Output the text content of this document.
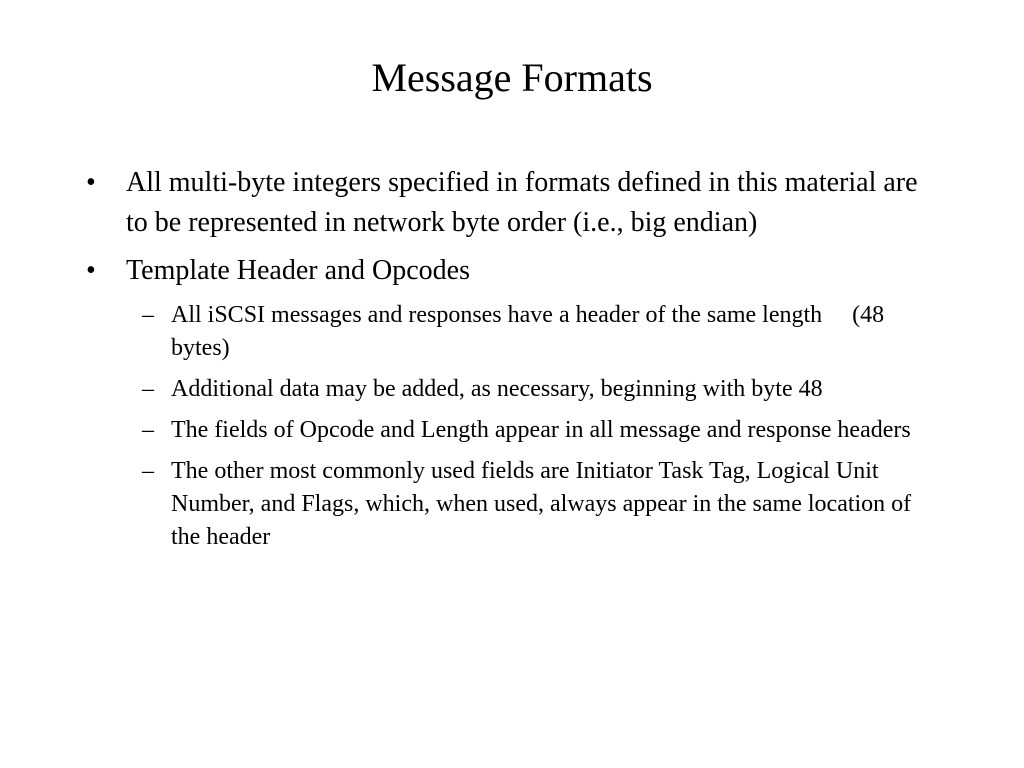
Message Formats
• All multi-byte integers specified in formats defined in this material are to be represented in network byte order (i.e., big endian)
• Template Header and Opcodes
– All iSCSI messages and responses have a header of the same length (48 bytes)
– Additional data may be added, as necessary, beginning with byte 48
– The fields of Opcode and Length appear in all message and response headers
– The other most commonly used fields are Initiator Task Tag, Logical Unit Number, and Flags, which, when used, always appear in the same location of the header
